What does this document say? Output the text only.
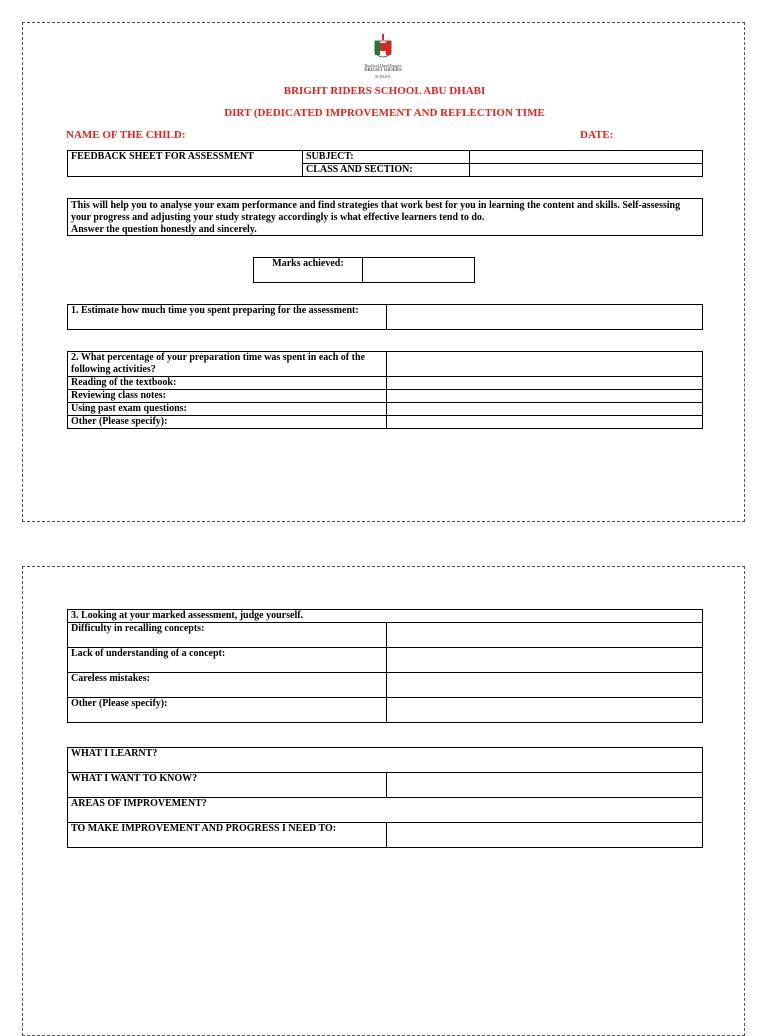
Bradford Hand Empire
BRIGHT RIDERS
SCHOOL
BRIGHT RIDERS SCHOOL ABU DHABI
DIRT (DEDICATED IMPROVEMENT AND REFLECTION TIME
NAME OF THE CHILD:	DATE:
FEEDBACK SHEET FOR ASSESSMENT	SUBJECT:	
	CLASS AND SECTION:	
This will help you to analyse your exam performance and find strategies that work best for you in learning the content and skills. Self-assessing your progress and adjusting your study strategy accordingly is what effective learners tend to do.
Answer the question honestly and sincerely.
Marks achieved:	
1. Estimate how much time you spent preparing for the assessment:	
2. What percentage of your preparation time was spent in each of the following activities?	
Reading of the textbook:	
Reviewing class notes:	
Using past exam questions:	
Other (Please specify):	
3. Looking at your marked assessment, judge yourself.	
Difficulty in recalling concepts:	
Lack of understanding of a concept:	
Careless mistakes:	
Other (Please specify):	
WHAT I LEARNT?	
WHAT I WANT TO KNOW?	
AREAS OF IMPROVEMENT?	
TO MAKE IMPROVEMENT AND PROGRESS I NEED TO:	
